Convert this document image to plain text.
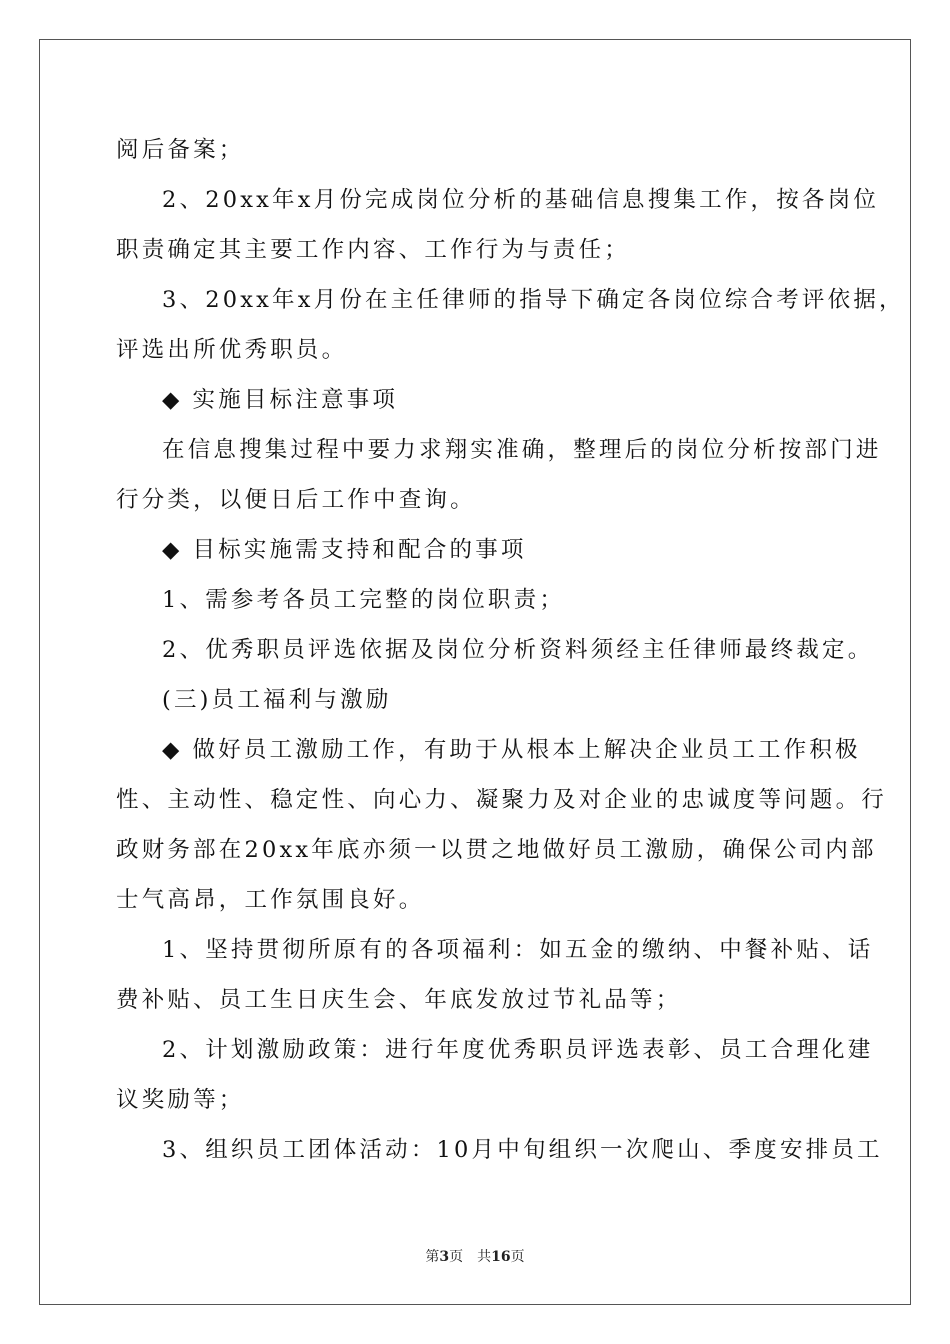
阅后备案；
2、20xx年x月份完成岗位分析的基础信息搜集工作，按各岗位
职责确定其主要工作内容、工作行为与责任；
3、20xx年x月份在主任律师的指导下确定各岗位综合考评依据，
评选出所优秀职员。
◆ 实施目标注意事项
在信息搜集过程中要力求翔实准确，整理后的岗位分析按部门进
行分类，以便日后工作中查询。
◆ 目标实施需支持和配合的事项
1、需参考各员工完整的岗位职责；
2、优秀职员评选依据及岗位分析资料须经主任律师最终裁定。
(三)员工福利与激励
◆ 做好员工激励工作，有助于从根本上解决企业员工工作积极
性、主动性、稳定性、向心力、凝聚力及对企业的忠诚度等问题。行
政财务部在20xx年底亦须一以贯之地做好员工激励，确保公司内部
士气高昂，工作氛围良好。
1、坚持贯彻所原有的各项福利：如五金的缴纳、中餐补贴、话
费补贴、员工生日庆生会、年底发放过节礼品等；
2、计划激励政策：进行年度优秀职员评选表彰、员工合理化建
议奖励等；
3、组织员工团体活动：10月中旬组织一次爬山、季度安排员工
第3页 共16页
